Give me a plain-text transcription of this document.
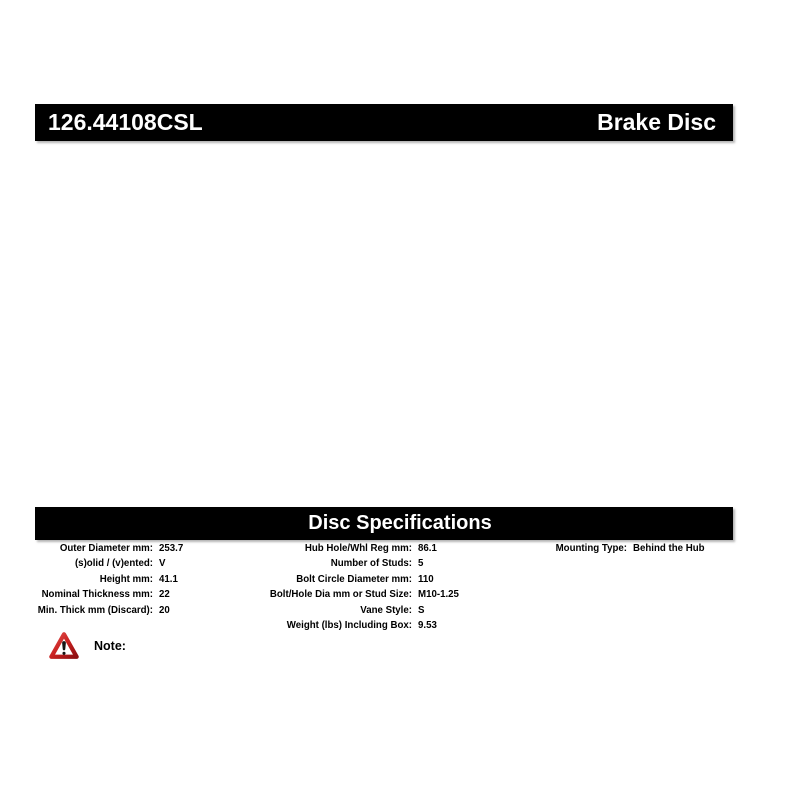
126.44108CSL	Brake Disc
Disc Specifications
Outer Diameter mm: 253.7
(s)olid / (v)ented: V
Height mm: 41.1
Nominal Thickness mm: 22
Min. Thick mm (Discard): 20
Hub Hole/Whl Reg mm: 86.1
Number of Studs: 5
Bolt Circle Diameter mm: 110
Bolt/Hole Dia mm or Stud Size: M10-1.25
Vane Style: S
Weight (lbs) Including Box: 9.53
Mounting Type: Behind the Hub
Note:
